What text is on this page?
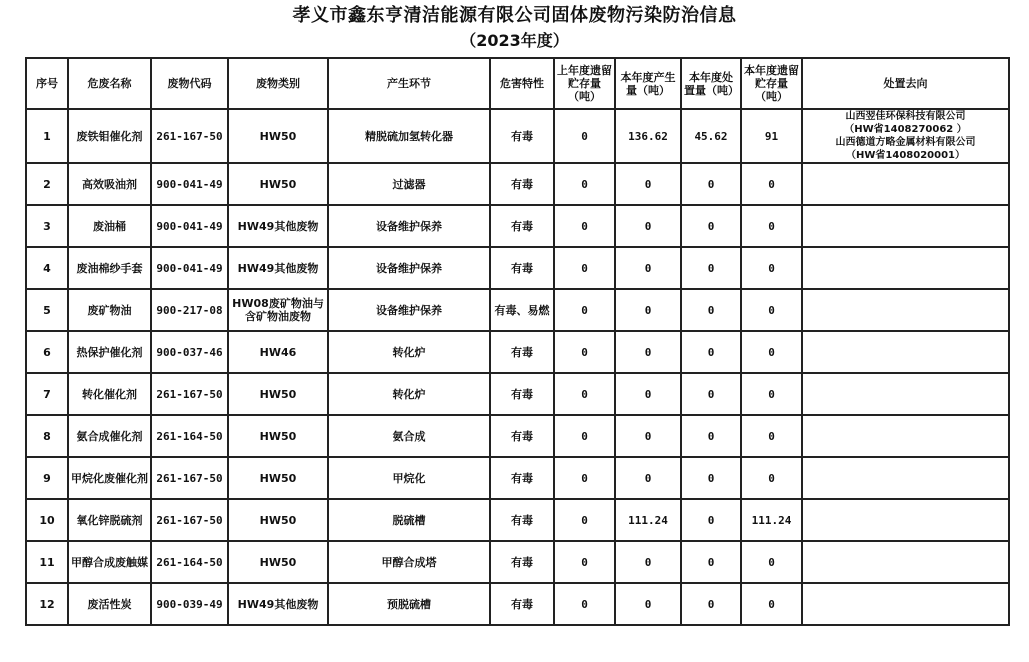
孝义市鑫东亨清洁能源有限公司固体废物污染防治信息
（2023年度）
序号	危废名称	废物代码	废物类别	产生环节	危害特性	上年度遗留贮存量（吨）	本年度产生量（吨）	本年度处置量（吨）	本年度遗留贮存量（吨）	处置去向
1	废铁钼催化剂	261-167-50	HW50	精脱硫加氢转化器	有毒	0	136.62	45.62	91	山西翌佳环保科技有限公司
（HW省1408270062 ）
山西德道方略金属材料有限公司
（HW省1408020001）

2	高效吸油剂	900-041-49	HW50	过滤器	有毒	0	0	0	0	
3	废油桶	900-041-49	HW49其他废物	设备维护保养	有毒	0	0	0	0	
4	废油棉纱手套	900-041-49	HW49其他废物	设备维护保养	有毒	0	0	0	0	
5	废矿物油	900-217-08	HW08废矿物油与含矿物油废物	设备维护保养	有毒、易燃	0	0	0	0	
6	热保护催化剂	900-037-46	HW46	转化炉	有毒	0	0	0	0	
7	转化催化剂	261-167-50	HW50	转化炉	有毒	0	0	0	0	
8	氨合成催化剂	261-164-50	HW50	氨合成	有毒	0	0	0	0	
9	甲烷化废催化剂	261-167-50	HW50	甲烷化	有毒	0	0	0	0	
10	氧化锌脱硫剂	261-167-50	HW50	脱硫槽	有毒	0	111.24	0	111.24	
11	甲醇合成废触媒	261-164-50	HW50	甲醇合成塔	有毒	0	0	0	0	
12	废活性炭	900-039-49	HW49其他废物	预脱硫槽	有毒	0	0	0	0	
